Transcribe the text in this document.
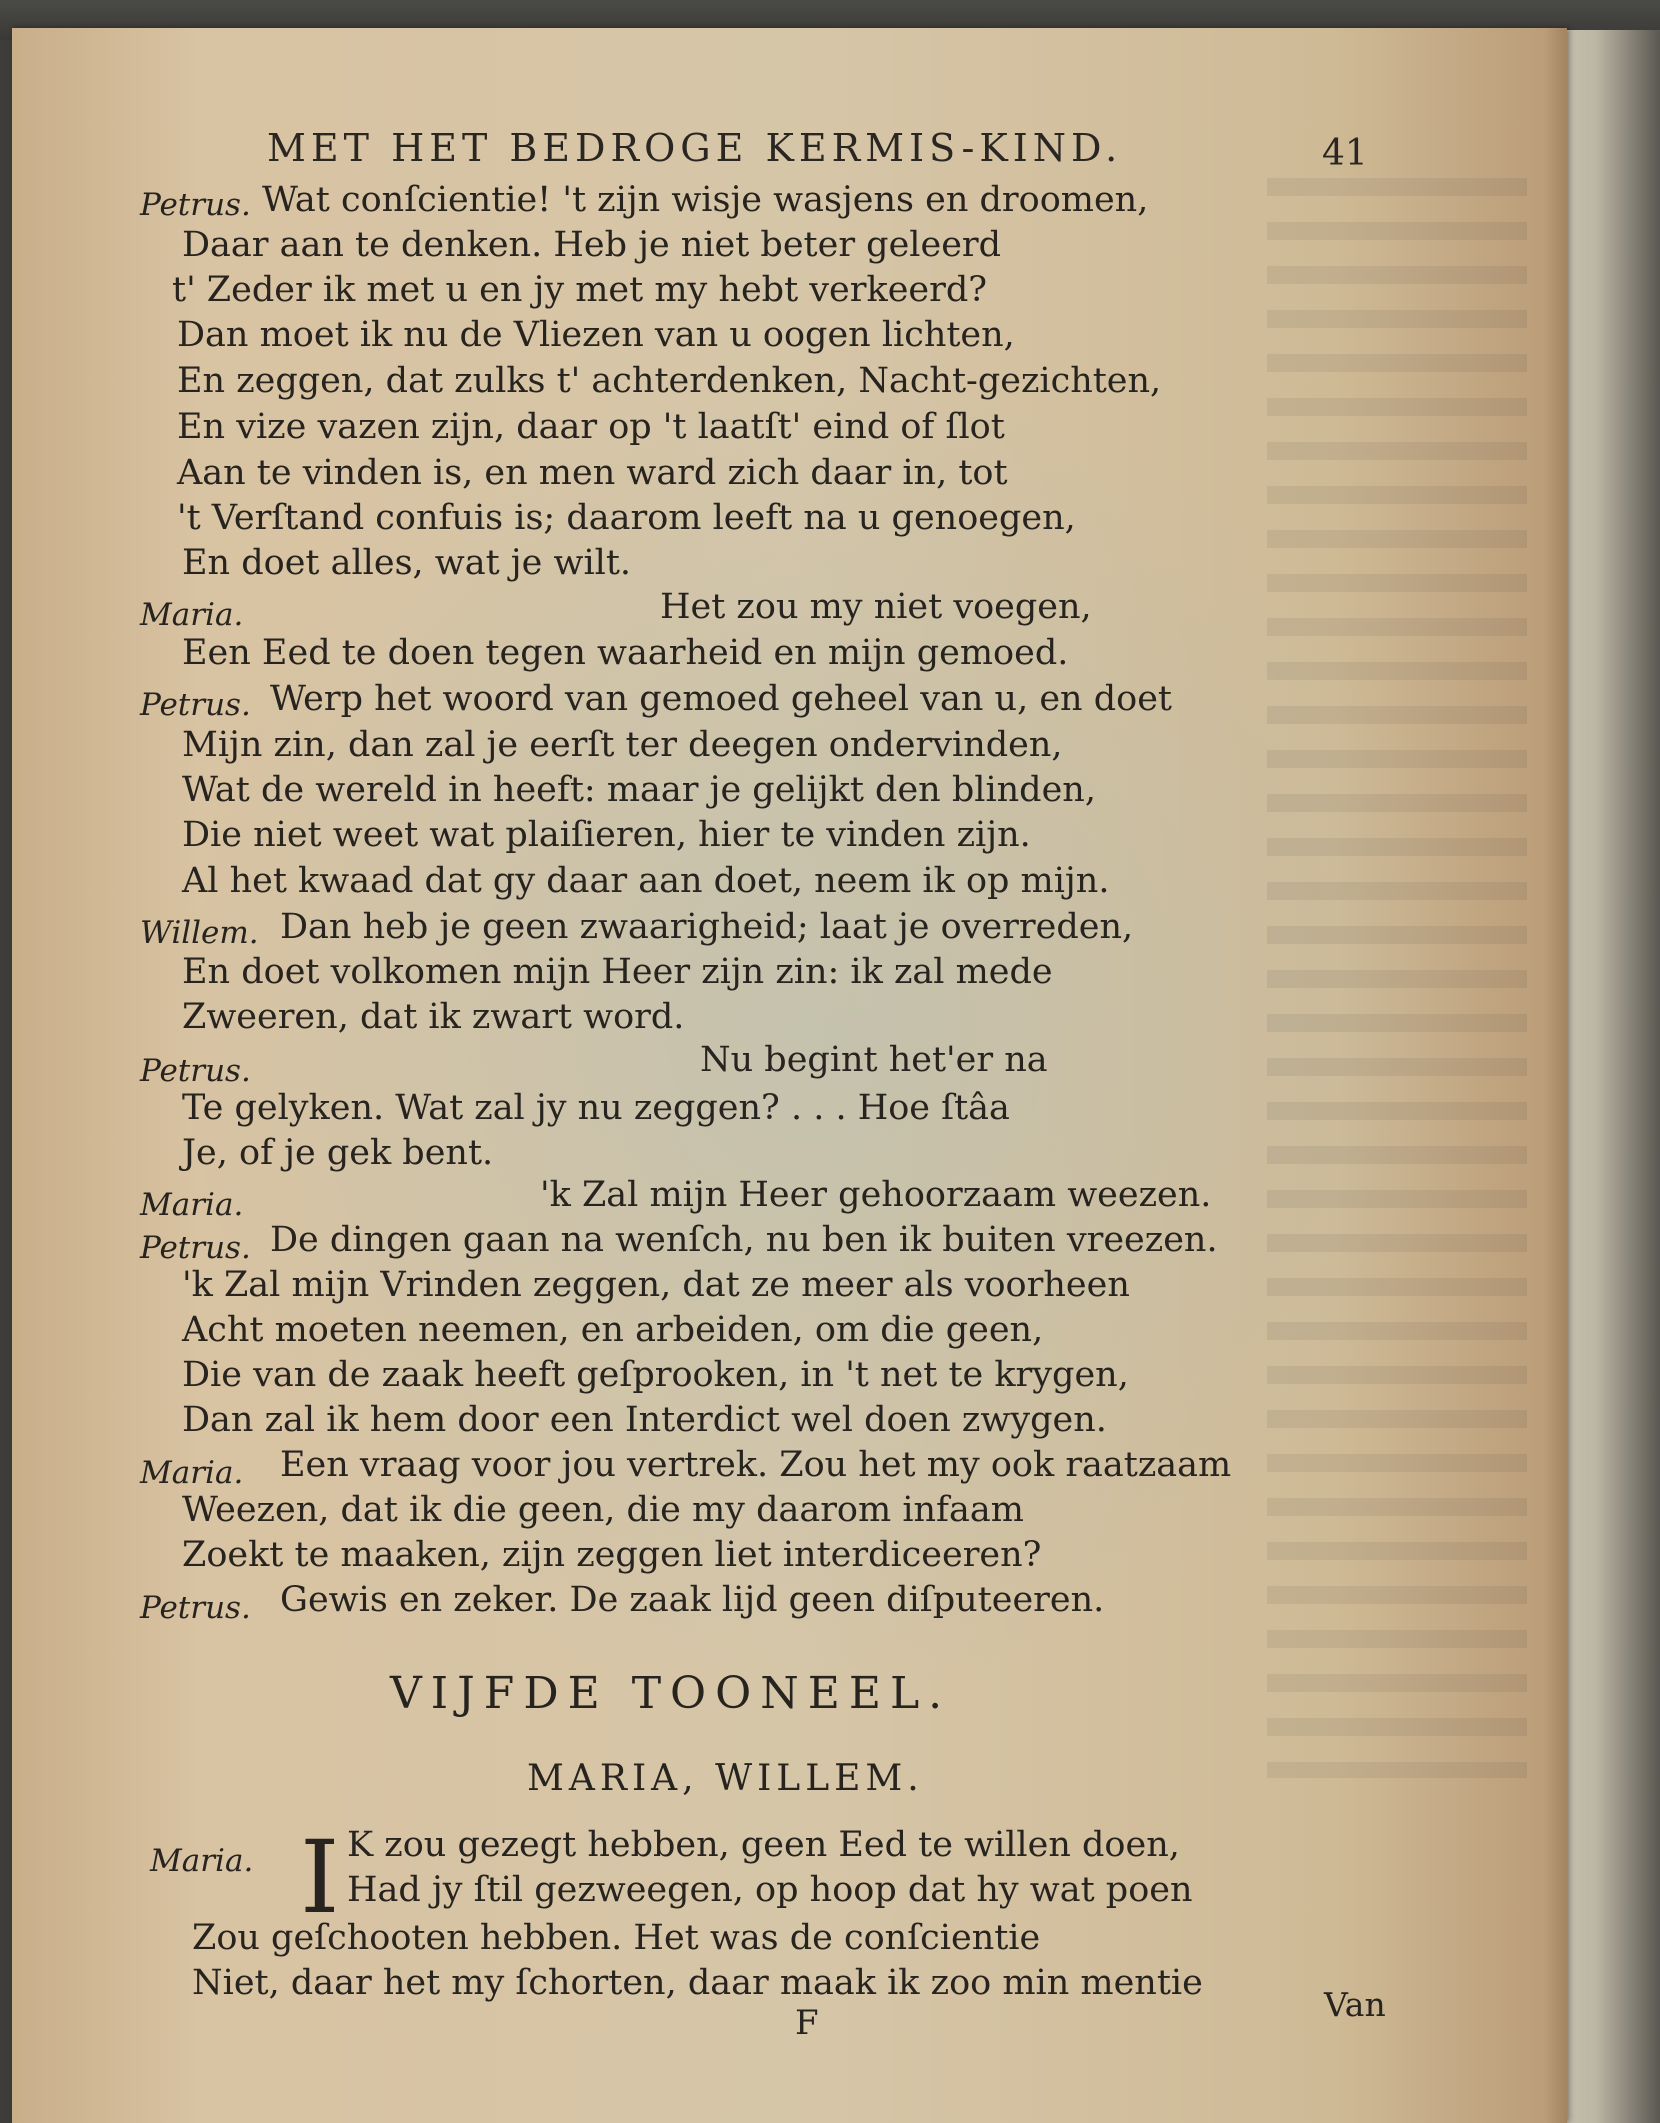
MET HET BEDROGE KERMIS-KIND.	41
Petrus. Wat conſcientie! 't zijn wisje wasjens en droomen,
Daar aan te denken. Heb je niet beter geleerd
t' Zeder ik met u en jy met my hebt verkeerd?
Dan moet ik nu de Vliezen van u oogen lichten,
En zeggen, dat zulks t' achterdenken, Nacht-gezichten,
En vize vazen zijn, daar op 't laatſt' eind of ſlot
Aan te vinden is, en men ward zich daar in, tot
't Verſtand confuis is; daarom leeft na u genoegen,
En doet alles, wat je wilt.
Maria.	Het zou my niet voegen,
Een Eed te doen tegen waarheid en mijn gemoed.
Petrus. Werp het woord van gemoed geheel van u, en doet
Mijn zin, dan zal je eerſt ter deegen ondervinden,
Wat de wereld in heeft: maar je gelijkt den blinden,
Die niet weet wat plaiſieren, hier te vinden zijn.
Al het kwaad dat gy daar aan doet, neem ik op mijn.
Willem. Dan heb je geen zwaarigheid; laat je overreden,
En doet volkomen mijn Heer zijn zin: ik zal mede
Zweeren, dat ik zwart word.
Petrus.	Nu begint het'er na
Te gelyken. Wat zal jy nu zeggen? . . . Hoe ſtâa
Je, of je gek bent.
Maria.	'k Zal mijn Heer gehoorzaam weezen.
Petrus. De dingen gaan na wenſch, nu ben ik buiten vreezen.
'k Zal mijn Vrinden zeggen, dat ze meer als voorheen
Acht moeten neemen, en arbeiden, om die geen,
Die van de zaak heeft geſprooken, in 't net te krygen,
Dan zal ik hem door een Interdict wel doen zwygen.
Maria. Een vraag voor jou vertrek. Zou het my ook raatzaam
Weezen, dat ik die geen, die my daarom infaam
Zoekt te maaken, zijn zeggen liet interdiceeren?
Petrus. Gewis en zeker. De zaak lijd geen diſputeeren.
VIJFDE TOONEEL.
MARIA, WILLEM.
Maria. I K zou gezegt hebben, geen Eed te willen doen,
Had jy ſtil gezweegen, op hoop dat hy wat poen
Zou geſchooten hebben. Het was de conſcientie
Niet, daar het my ſchorten, daar maak ik zoo min mentie
F	Van
